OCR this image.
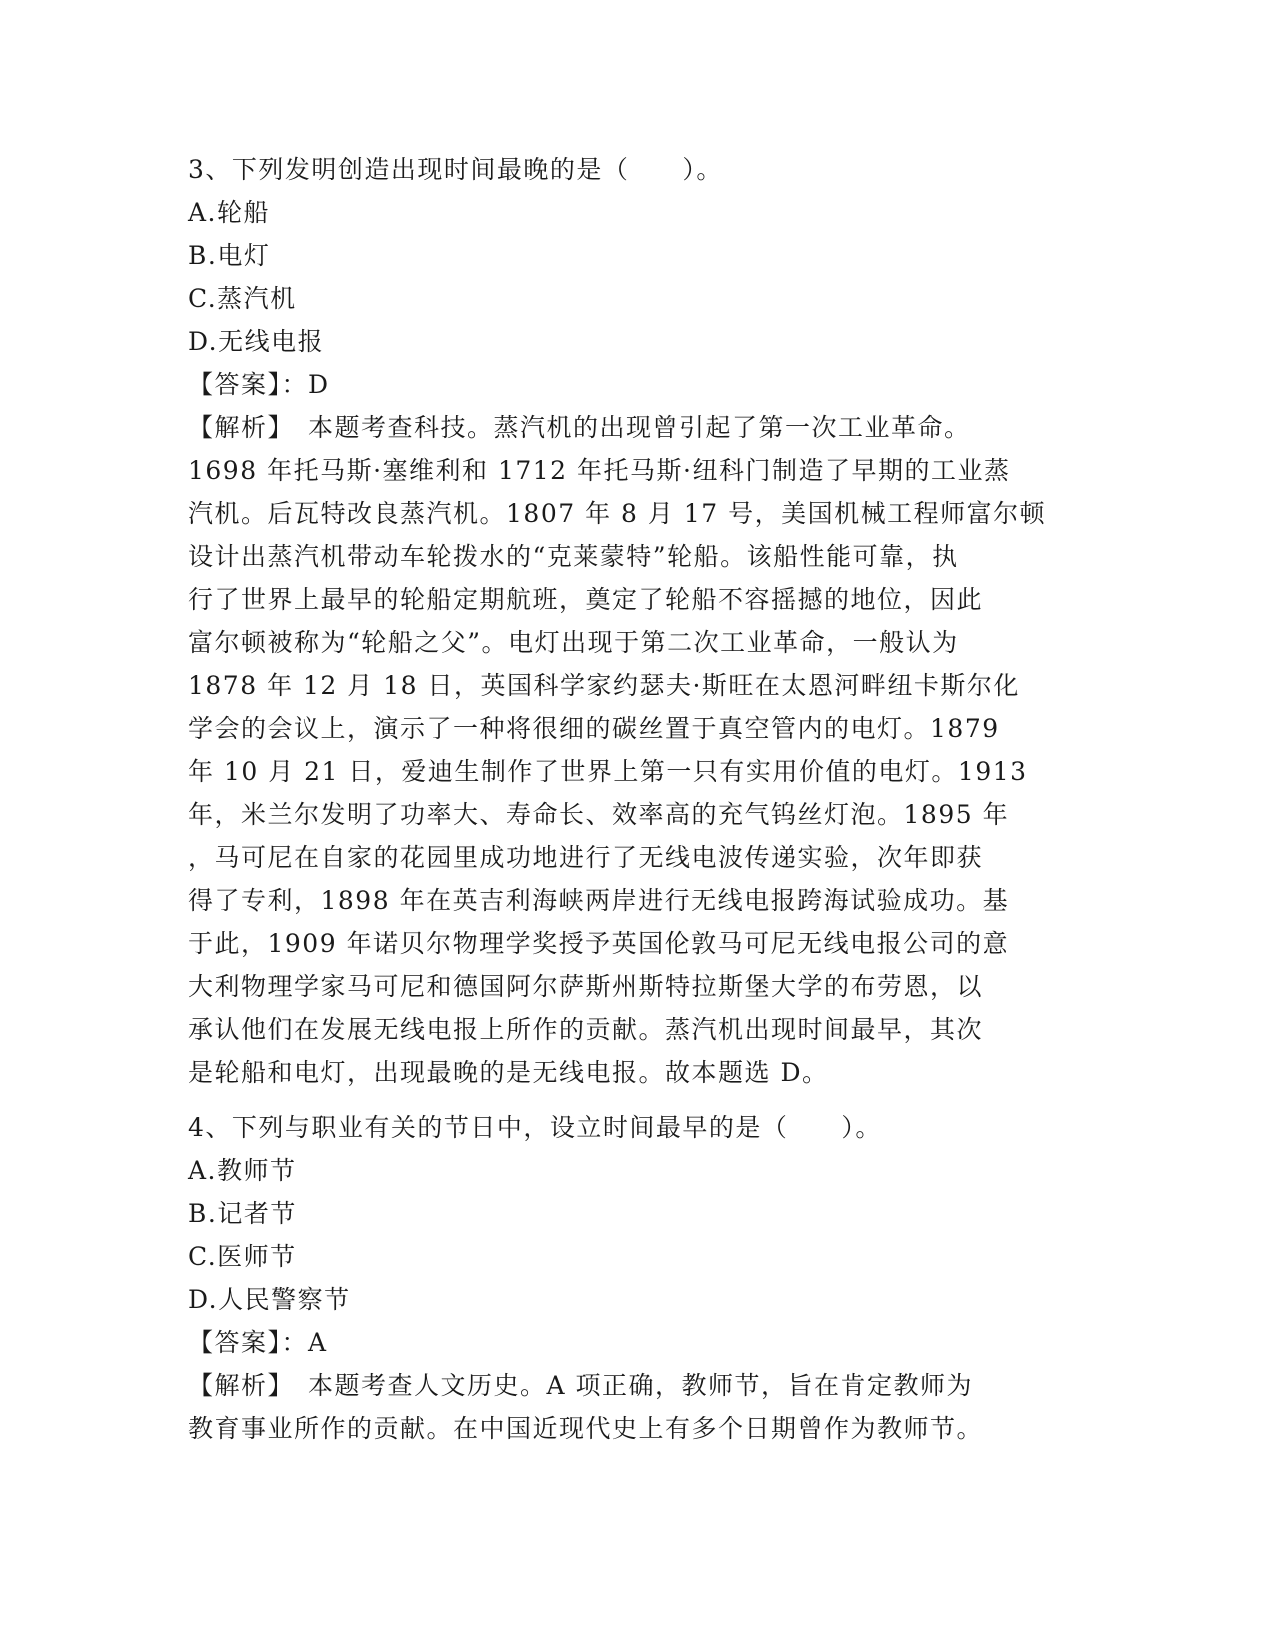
3、下列发明创造出现时间最晚的是（　　）。
A.轮船
B.电灯
C.蒸汽机
D.无线电报
【答案】：D
【解析】　本题考查科技。蒸汽机的出现曾引起了第一次工业革命。
1698 年托马斯·塞维利和 1712 年托马斯·纽科门制造了早期的工业蒸
汽机。后瓦特改良蒸汽机。1807 年 8 月 17 号，美国机械工程师富尔顿
设计出蒸汽机带动车轮拨水的“克莱蒙特”轮船。该船性能可靠，执
行了世界上最早的轮船定期航班，奠定了轮船不容摇撼的地位，因此
富尔顿被称为“轮船之父”。电灯出现于第二次工业革命，一般认为
1878 年 12 月 18 日，英国科学家约瑟夫·斯旺在太恩河畔纽卡斯尔化
学会的会议上，演示了一种将很细的碳丝置于真空管内的电灯。1879
年 10 月 21 日，爱迪生制作了世界上第一只有实用价值的电灯。1913
年，米兰尔发明了功率大、寿命长、效率高的充气钨丝灯泡。1895 年
，马可尼在自家的花园里成功地进行了无线电波传递实验，次年即获
得了专利，1898 年在英吉利海峡两岸进行无线电报跨海试验成功。基
于此，1909 年诺贝尔物理学奖授予英国伦敦马可尼无线电报公司的意
大利物理学家马可尼和德国阿尔萨斯州斯特拉斯堡大学的布劳恩，以
承认他们在发展无线电报上所作的贡献。蒸汽机出现时间最早，其次
是轮船和电灯，出现最晚的是无线电报。故本题选 D。
4、下列与职业有关的节日中，设立时间最早的是（　　）。
A.教师节
B.记者节
C.医师节
D.人民警察节
【答案】：A
【解析】　本题考查人文历史。A 项正确，教师节，旨在肯定教师为
教育事业所作的贡献。在中国近现代史上有多个日期曾作为教师节。
